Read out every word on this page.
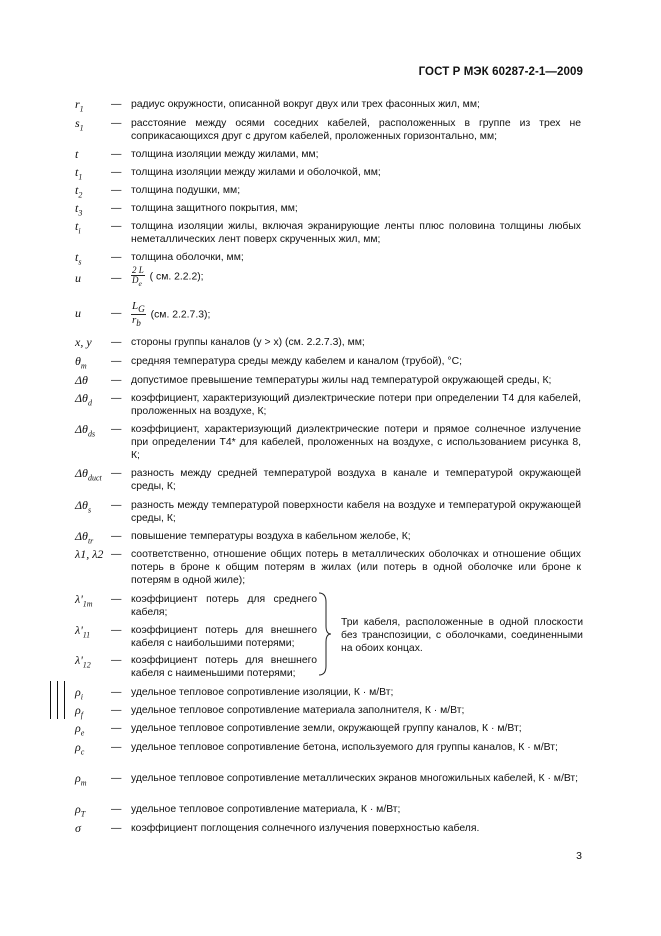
ГОСТ Р МЭК 60287-2-1—2009
$r_1$	— радиус окружности, описанной вокруг двух или трех фасонных жил, мм;
$s_1$	— расстояние между осями соседних кабелей, расположенных в группе из трех не соприкасающихся друг с другом кабелей, проложенных горизонтально, мм;
t	— толщина изоляции между жилами, мм;
$t_1$	— толщина изоляции между жилами и оболочкой, мм;
$t_2$	— толщина подушки, мм;
$t_3$	— толщина защитного покрытия, мм;
$t_i$	— толщина изоляции жилы, включая экранирующие ленты плюс половина толщины любых неметаллических лент поверх скрученных жил, мм;
$t_s$	— толщина оболочки, мм;
u	— $\frac{2 L}{D_e}$ ( см. 2.2.2);
u	— $\frac{L_G}{r_b} (см$. 2.2.7.3);
x, y	— стороны группы каналов (y > x) (см. 2.2.7.3), мм;
$\theta_m$	— средняя температура среды между кабелем и каналом (трубой), °C;
Δθ	— допустимое превышение температуры жилы над температурой окружающей среды, К;
$\Delta\theta_d$	— коэффициент, характеризующий диэлектрические потери при определении T4 для кабелей, проложенных на воздухе, К;
$\Delta\theta_{ds}$	— коэффициент, характеризующий диэлектрические потери и прямое солнечное излучение при определении T4* для кабелей, проложенных на воздухе, с использованием рисунка 8, К;
$\Delta\theta_{duct}$ — разность между средней температурой воздуха в канале и температурой окружающей среды, К;
$\Delta\theta_s$	— разность между температурой поверхности кабеля на воздухе и температурой окружающей среды, К;
$\Delta\theta_{tr}$	— повышение температуры воздуха в кабельном желобе, К;
λ1, λ2 — соответственно, отношение общих потерь в металлических оболочках и отношение общих потерь в броне к общим потерям в жилах (или потерь в одной оболочке или броне к потерям в одной жиле);
$\lambda'_{1m}$	— коэффициент потерь для среднего кабеля;
$\lambda'_{11}$	— коэффициент потерь для внешнего кабеля с наибольшими потерями;
$\lambda'_{12}$	— коэффициент потерь для внешнего кабеля с наименьшими потерями;
$\rho_i$	— удельное тепловое сопротивление изоляции, К · м/Вт;
$\rho_f$	— удельное тепловое сопротивление материала заполнителя, К · м/Вт;
$\rho_e$	— удельное тепловое сопротивление земли, окружающей группу каналов, К · м/Вт;
$\rho_c$	— удельное тепловое сопротивление бетона, используемого для группы каналов, К · м/Вт;
$\rho_m$	— удельное тепловое сопротивление металлических экранов многожильных кабелей, К · м/Вт;
$\rho_T$	— удельное тепловое сопротивление материала, К · м/Вт;
σ	— коэффициент поглощения солнечного излучения поверхностью кабеля.
Три кабеля, расположенные в одной плоскости без транспозиции, с оболочками, соединенными на обоих концах.
3
